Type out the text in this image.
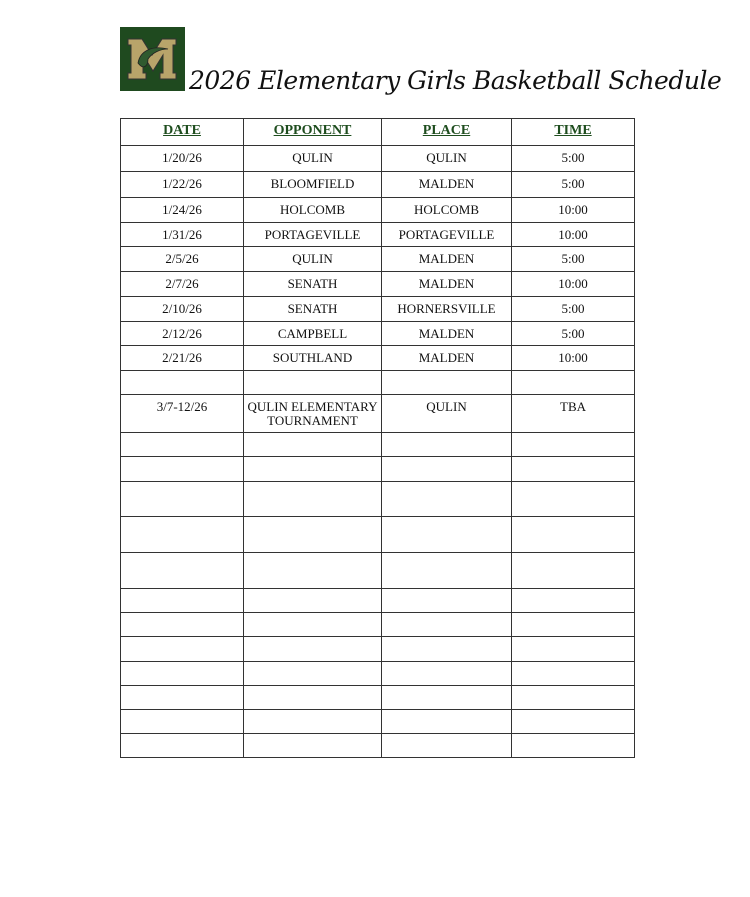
2026 Elementary Girls Basketball Schedule
DATE	OPPONENT	PLACE	TIME
1/20/26	QULIN	QULIN	5:00
1/22/26	BLOOMFIELD	MALDEN	5:00
1/24/26	HOLCOMB	HOLCOMB	10:00
1/31/26	PORTAGEVILLE	PORTAGEVILLE	10:00
2/5/26	QULIN	MALDEN	5:00
2/7/26	SENATH	MALDEN	10:00
2/10/26	SENATH	HORNERSVILLE	5:00
2/12/26	CAMPBELL	MALDEN	5:00
2/21/26	SOUTHLAND	MALDEN	10:00

3/7-12/26	QULIN ELEMENTARY TOURNAMENT	QULIN	TBA
